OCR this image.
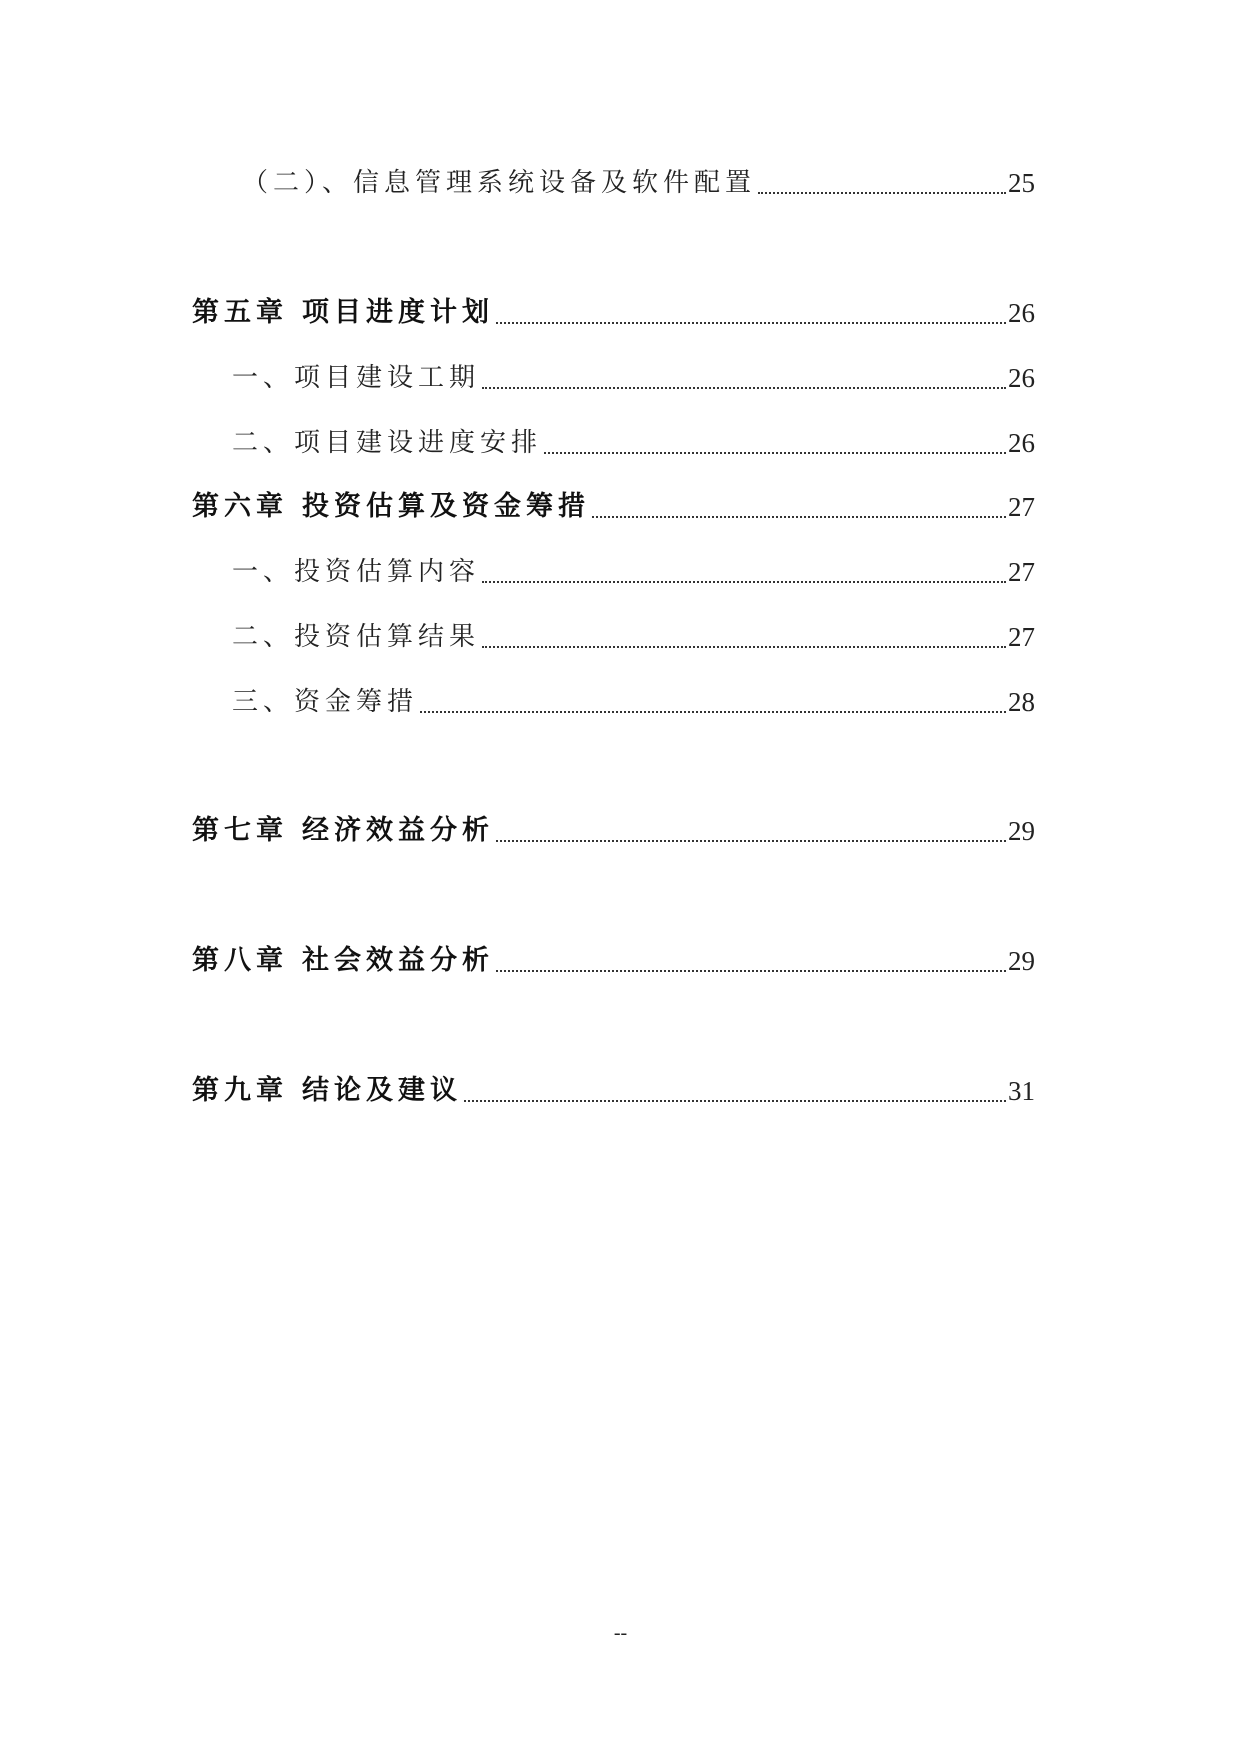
（二）、信息管理系统设备及软件配置	25
第五章 项目进度计划	26
一、项目建设工期	26
二、项目建设进度安排	26
第六章 投资估算及资金筹措	27
一、投资估算内容	27
二、投资估算结果	27
三、资金筹措	28
第七章 经济效益分析	29
第八章 社会效益分析	29
第九章 结论及建议	31
--
